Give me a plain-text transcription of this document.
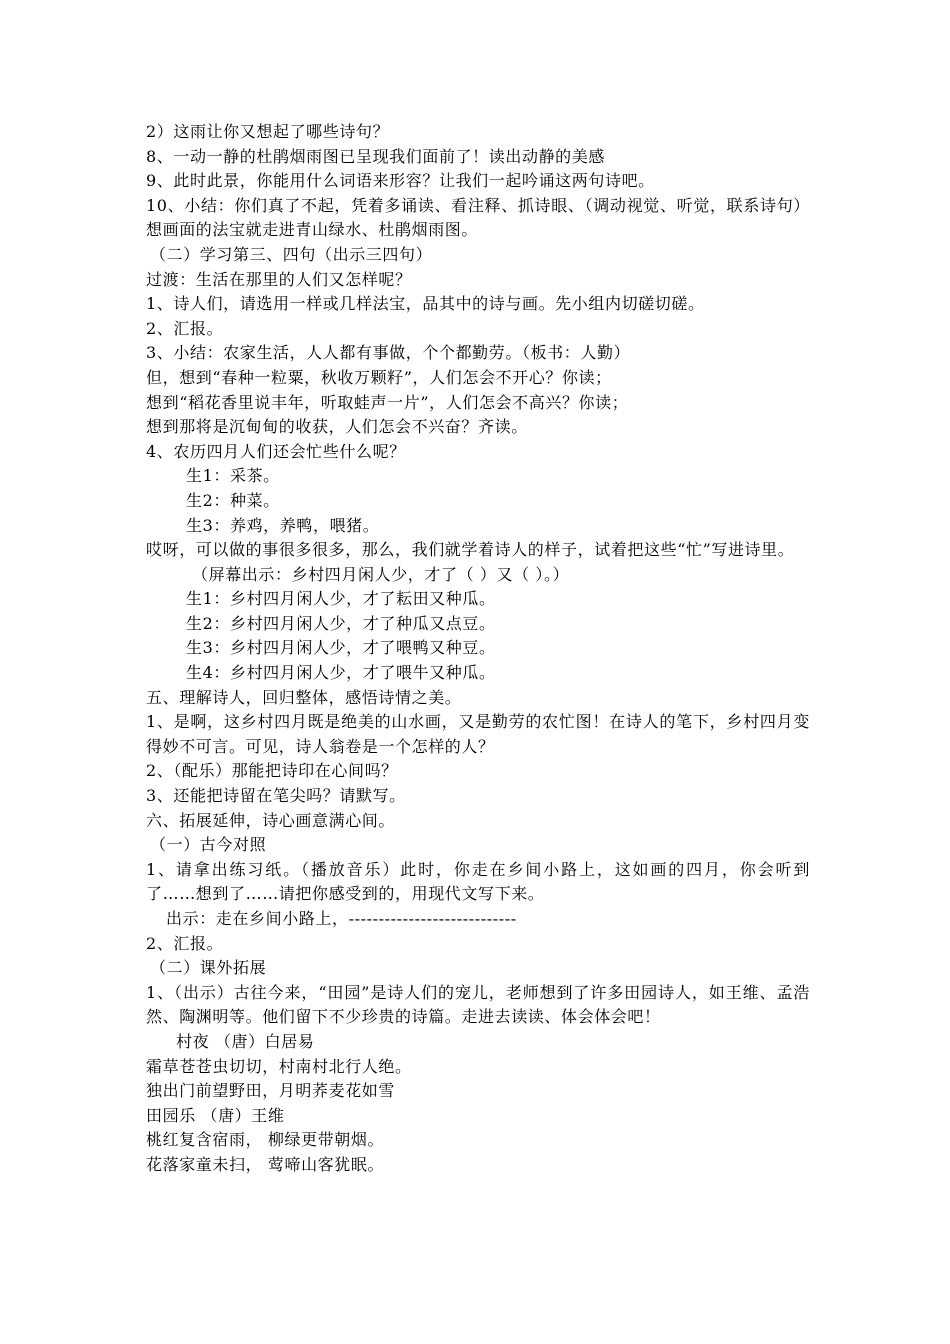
2）这雨让你又想起了哪些诗句？
8、一动一静的杜鹃烟雨图已呈现我们面前了！读出动静的美感
9、此时此景，你能用什么词语来形容？让我们一起吟诵这两句诗吧。
10、小结：你们真了不起，凭着多诵读、看注释、抓诗眼、（调动视觉、听觉，联系诗句）想画面的法宝就走进青山绿水、杜鹃烟雨图。
（二）学习第三、四句（出示三四句）
过渡：生活在那里的人们又怎样呢？
1、诗人们，请选用一样或几样法宝，品其中的诗与画。先小组内切磋切磋。
2、汇报。
3、小结：农家生活，人人都有事做，个个都勤劳。（板书：人勤）
但，想到“春种一粒粟，秋收万颗籽”，人们怎会不开心？你读；
想到“稻花香里说丰年，听取蛙声一片”，人们怎会不高兴？你读；
想到那将是沉甸甸的收获，人们怎会不兴奋？齐读。
4、农历四月人们还会忙些什么呢？
生1：采茶。
生2：种菜。
生3：养鸡，养鸭，喂猪。
哎呀，可以做的事很多很多，那么，我们就学着诗人的样子，试着把这些“忙”写进诗里。
（屏幕出示：乡村四月闲人少，才了（ ）又（ ）。）
生1：乡村四月闲人少，才了耘田又种瓜。
生2：乡村四月闲人少，才了种瓜又点豆。
生3：乡村四月闲人少，才了喂鸭又种豆。
生4：乡村四月闲人少，才了喂牛又种瓜。
五、理解诗人，回归整体，感悟诗情之美。
1、是啊，这乡村四月既是绝美的山水画，又是勤劳的农忙图！在诗人的笔下，乡村四月变得妙不可言。可见，诗人翁卷是一个怎样的人？
2、（配乐）那能把诗印在心间吗？
3、还能把诗留在笔尖吗？请默写。
六、拓展延伸，诗心画意满心间。
（一）古今对照
1、请拿出练习纸。（播放音乐）此时，你走在乡间小路上，这如画的四月，你会听到了……想到了……请把你感受到的，用现代文写下来。
出示：走在乡间小路上，----------------------------
2、汇报。
（二）课外拓展
1、（出示）古往今来，“田园”是诗人们的宠儿，老师想到了许多田园诗人，如王维、孟浩然、陶渊明等。他们留下不少珍贵的诗篇。走进去读读、体会体会吧！
村夜 （唐）白居易
霜草苍苍虫切切，村南村北行人绝。
独出门前望野田，月明荞麦花如雪
田园乐 （唐）王维
桃红复含宿雨， 柳绿更带朝烟。
花落家童未扫， 莺啼山客犹眠。
